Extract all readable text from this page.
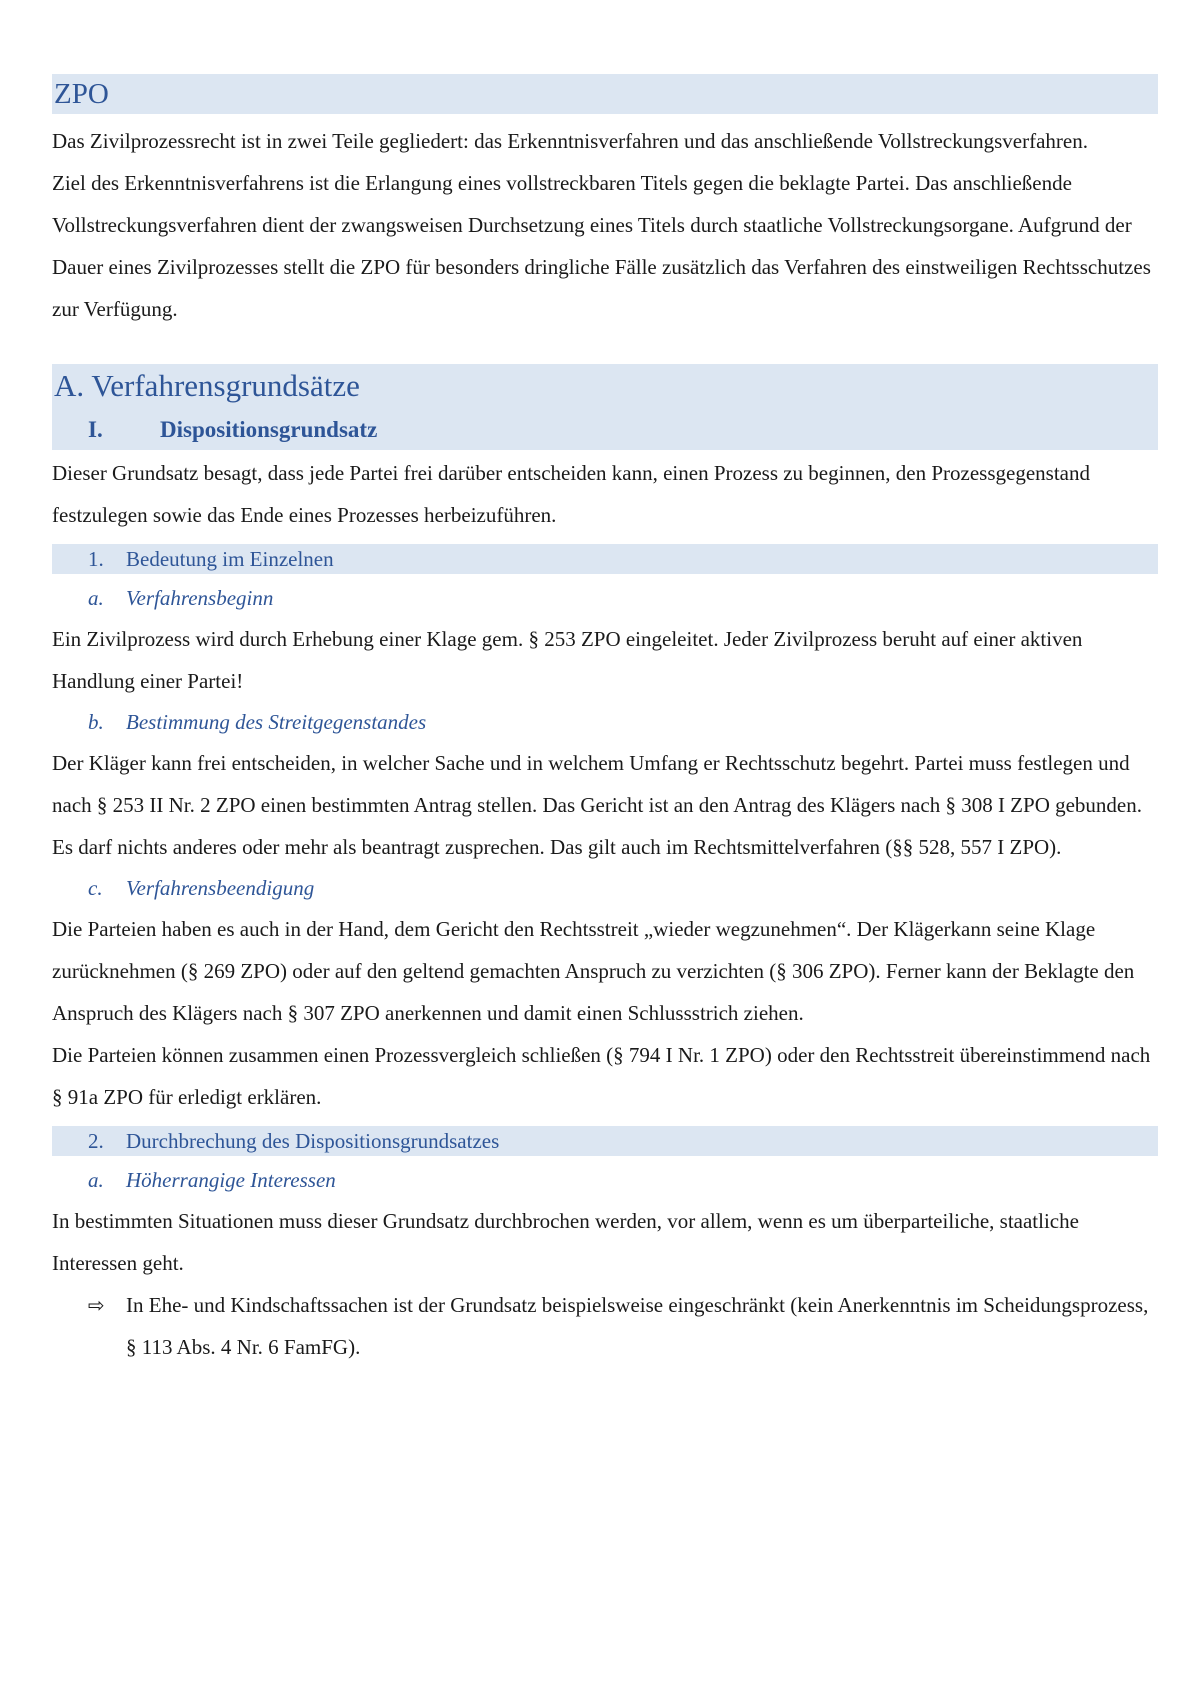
ZPO

Das Zivilprozessrecht ist in zwei Teile gegliedert: das Erkenntnisverfahren und das anschließende Vollstreckungsverfahren.

Ziel des Erkenntnisverfahrens ist die Erlangung eines vollstreckbaren Titels gegen die beklagte Partei. Das anschließende Vollstreckungsverfahren dient der zwangsweisen Durchsetzung eines Titels durch staatliche Vollstreckungsorgane. Aufgrund der Dauer eines Zivilprozesses stellt die ZPO für besonders dringliche Fälle zusätzlich das Verfahren des einstweiligen Rechtsschutzes zur Verfügung.

A. Verfahrensgrundsätze
I. Dispositionsgrundsatz

Dieser Grundsatz besagt, dass jede Partei frei darüber entscheiden kann, einen Prozess zu beginnen, den Prozessgegenstand festzulegen sowie das Ende eines Prozesses herbeizuführen.

1. Bedeutung im Einzelnen
a. Verfahrensbeginn

Ein Zivilprozess wird durch Erhebung einer Klage gem. § 253 ZPO eingeleitet. Jeder Zivilprozess beruht auf einer aktiven Handlung einer Partei!

b. Bestimmung des Streitgegenstandes

Der Kläger kann frei entscheiden, in welcher Sache und in welchem Umfang er Rechtsschutz begehrt. Partei muss festlegen und nach § 253 II Nr. 2 ZPO einen bestimmten Antrag stellen. Das Gericht ist an den Antrag des Klägers nach § 308 I ZPO gebunden. Es darf nichts anderes oder mehr als beantragt zusprechen. Das gilt auch im Rechtsmittelverfahren (§§ 528, 557 I ZPO).

c. Verfahrensbeendigung

Die Parteien haben es auch in der Hand, dem Gericht den Rechtsstreit „wieder wegzunehmen“. Der Klägerkann seine Klage zurücknehmen (§ 269 ZPO) oder auf den geltend gemachten Anspruch zu verzichten (§ 306 ZPO). Ferner kann der Beklagte den Anspruch des Klägers nach § 307 ZPO anerkennen und damit einen Schlussstrich ziehen.

Die Parteien können zusammen einen Prozessvergleich schließen (§ 794 I Nr. 1 ZPO) oder den Rechtsstreit übereinstimmend nach § 91a ZPO für erledigt erklären.

2. Durchbrechung des Dispositionsgrundsatzes
a. Höherrangige Interessen

In bestimmten Situationen muss dieser Grundsatz durchbrochen werden, vor allem, wenn es um überparteiliche, staatliche Interessen geht.

⇨	In Ehe- und Kindschaftssachen ist der Grundsatz beispielsweise eingeschränkt (kein Anerkenntnis im Scheidungsprozess, § 113 Abs. 4 Nr. 6 FamFG).
